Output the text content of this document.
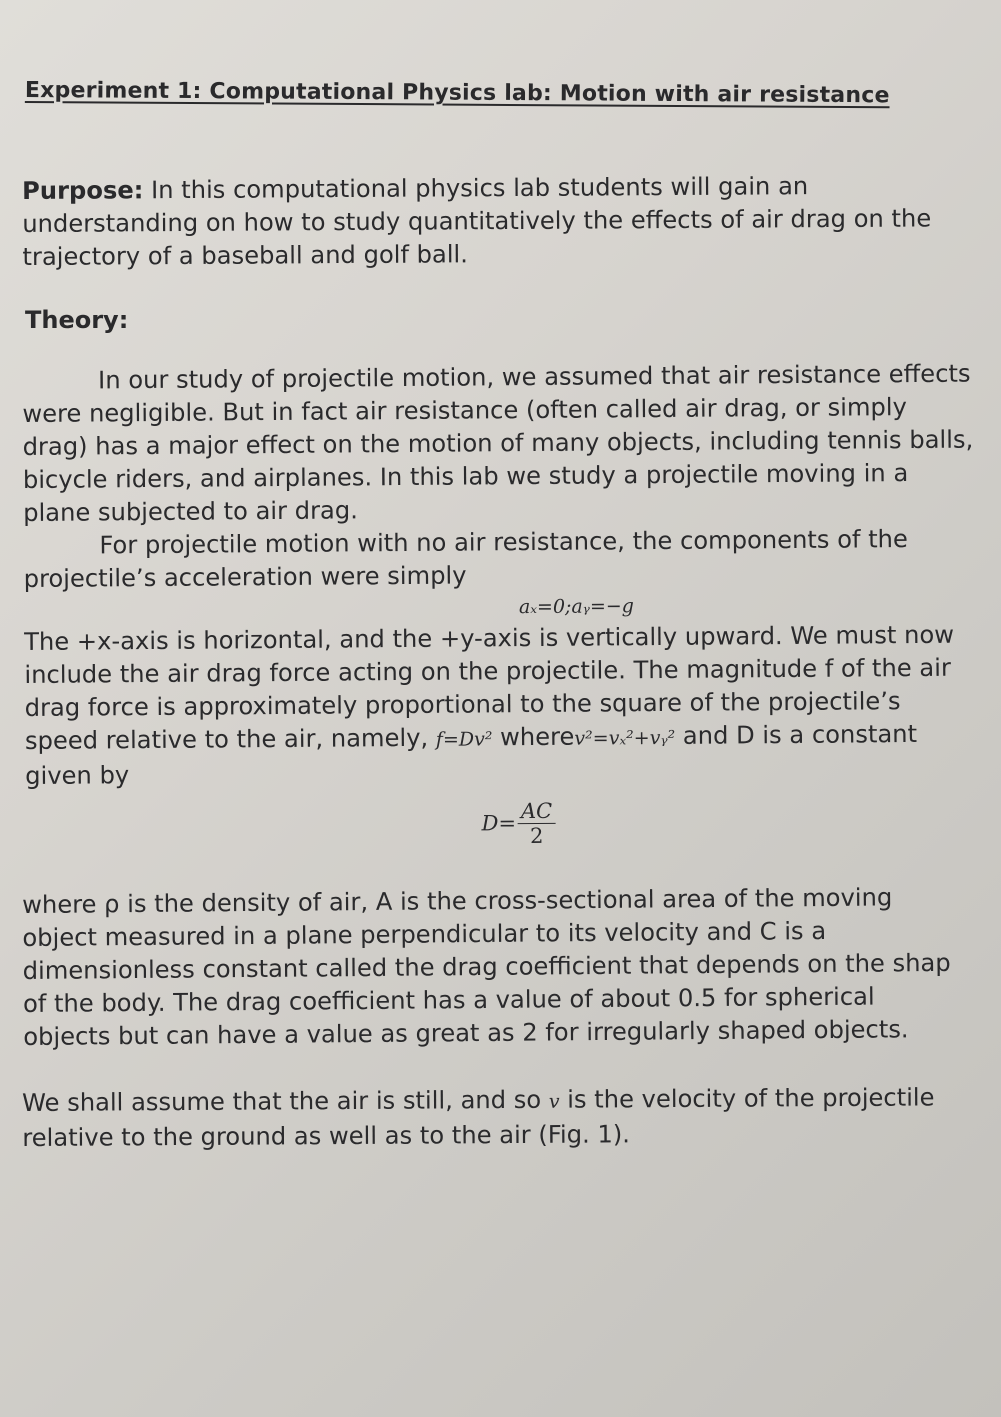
Experiment 1: Computational Physics lab: Motion with air resistance
Purpose: In this computational physics lab students will gain an
understanding on how to study quantitatively the effects of air drag on the
trajectory of a baseball and golf ball.
Theory:
In our study of projectile motion, we assumed that air resistance effects
were negligible. But in fact air resistance (often called air drag, or simply
drag) has a major effect on the motion of many objects, including tennis balls,
bicycle riders, and airplanes. In this lab we study a projectile moving in a
plane subjected to air drag.
For projectile motion with no air resistance, the components of the
projectile’s acceleration were simply
aₓ=0;aᵧ=−g
The +x-axis is horizontal, and the +y-axis is vertically upward. We must now
include the air drag force acting on the projectile. The magnitude f of the air
drag force is approximately proportional to the square of the projectile’s
speed relative to the air, namely, f=Dv² wherev²=vₓ²+vᵧ² and D is a constant
given by
$D= \frac{AC}{2}$
where ρ is the density of air, A is the cross-sectional area of the moving
object measured in a plane perpendicular to its velocity and C is a
dimensionless constant called the drag coefficient that depends on the shap
of the body. The drag coefficient has a value of about 0.5 for spherical
objects but can have a value as great as 2 for irregularly shaped objects.
We shall assume that the air is still, and so v is the velocity of the projectile
relative to the ground as well as to the air (Fig. 1).
